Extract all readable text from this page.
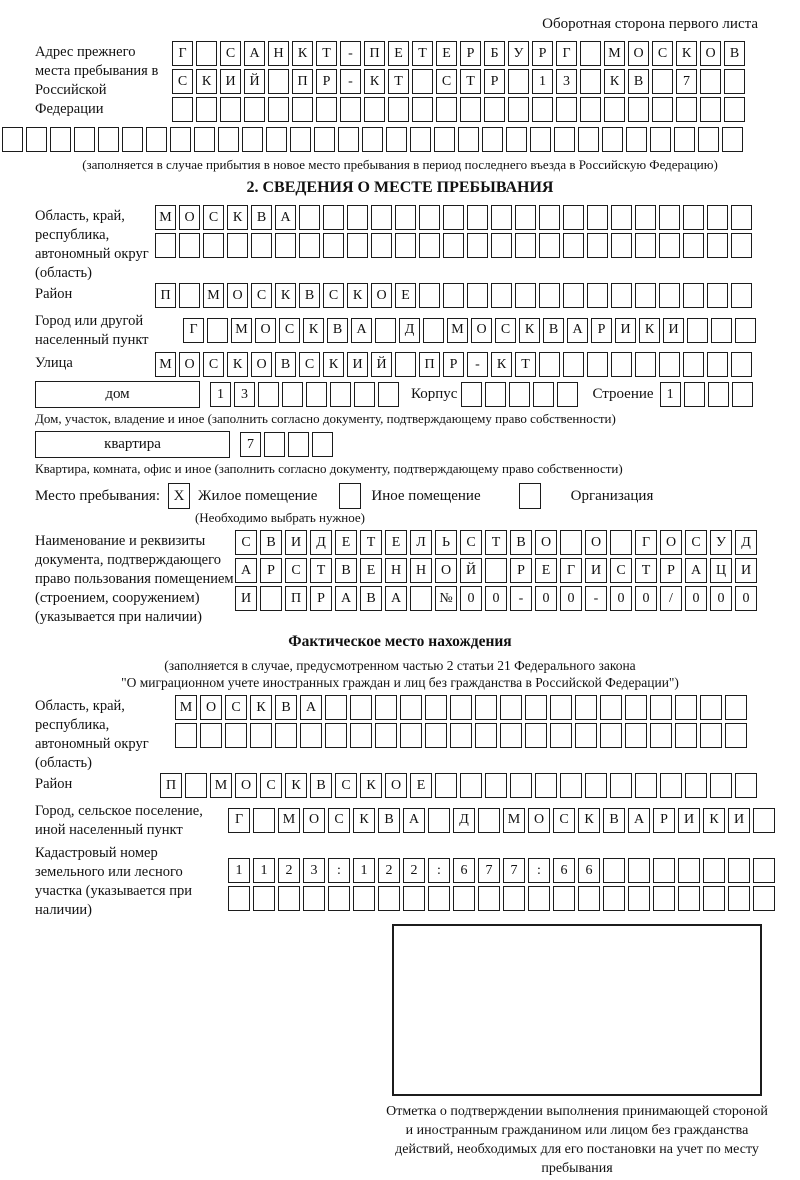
Оборотная сторона первого листа
Адрес прежнего места пребывания в Российской Федерации
Г	С	А Н	К	Т	-	П	Е	Т	Е	Р	Б	У	Р	Г	М О	С	К	О	В
С	К	И Й	П	Р	-	К	Т	С	Т	Р	1	3	К	В	7
(заполняется в случае прибытия в новое место пребывания в период последнего въезда в Российскую Федерацию)
2. СВЕДЕНИЯ О МЕСТЕ ПРЕБЫВАНИЯ
Область, край, республика, автономный округ (область)
М О	С	К	В	А
Район	П	М О	С	К	В	С	К	О	Е
Город или другой населенный пункт
Г	М О	С	К	В	А	Д	М О	С	К	В	А	Р	И	К	И
Улица	М О	С	К	О	В	С	К	И Й	П	Р	-	К	Т
дом	1	3	Корпус	Строение 1
Дом, участок, владение и иное (заполнить согласно документу, подтверждающему право собственности)
квартира	7
Квартира, комната, офис и иное (заполнить согласно документу, подтверждающему право собственности)
Место пребывания: X Жилое помещение	Иное помещение	Организация
(Необходимо выбрать нужное)
Наименование и реквизиты документа, подтверждающего право пользования помещением (строением, сооружением) (указывается при наличии)
С	В	И	Д	Е	Т	Е	Л	Ь	С	Т	В	О	О	Г	О	С	У	Д
А	Р	С	Т	В	Е	Н	Н	О	Й	Р	Е	Г	И	С	Т	Р	А	Ц	И
И	П	Р	А	В	А	№	0	0	-	0	0	-	0	0	/	0	0	0
Фактическое место нахождения
(заполняется в случае, предусмотренном частью 2 статьи 21 Федерального закона
"О миграционном учете иностранных граждан и лиц без гражданства в Российской Федерации")
Область, край, республика, автономный округ (область)
М О	С	К	В	А
Район	П	М О	С	К	В	С	К	О	Е
Город, сельское поселение, иной населенный пункт
Г	М О	С	К	В	А	Д	М О	С	К	В	А	Р	И	К	И
Кадастровый номер земельного или лесного участка (указывается при наличии)
1	1	2	3	:	1	2	2	:	6	7	7	:	6	6
Отметка о подтверждении выполнения принимающей стороной и иностранным гражданином или лицом без гражданства действий, необходимых для его постановки на учет по месту пребывания
